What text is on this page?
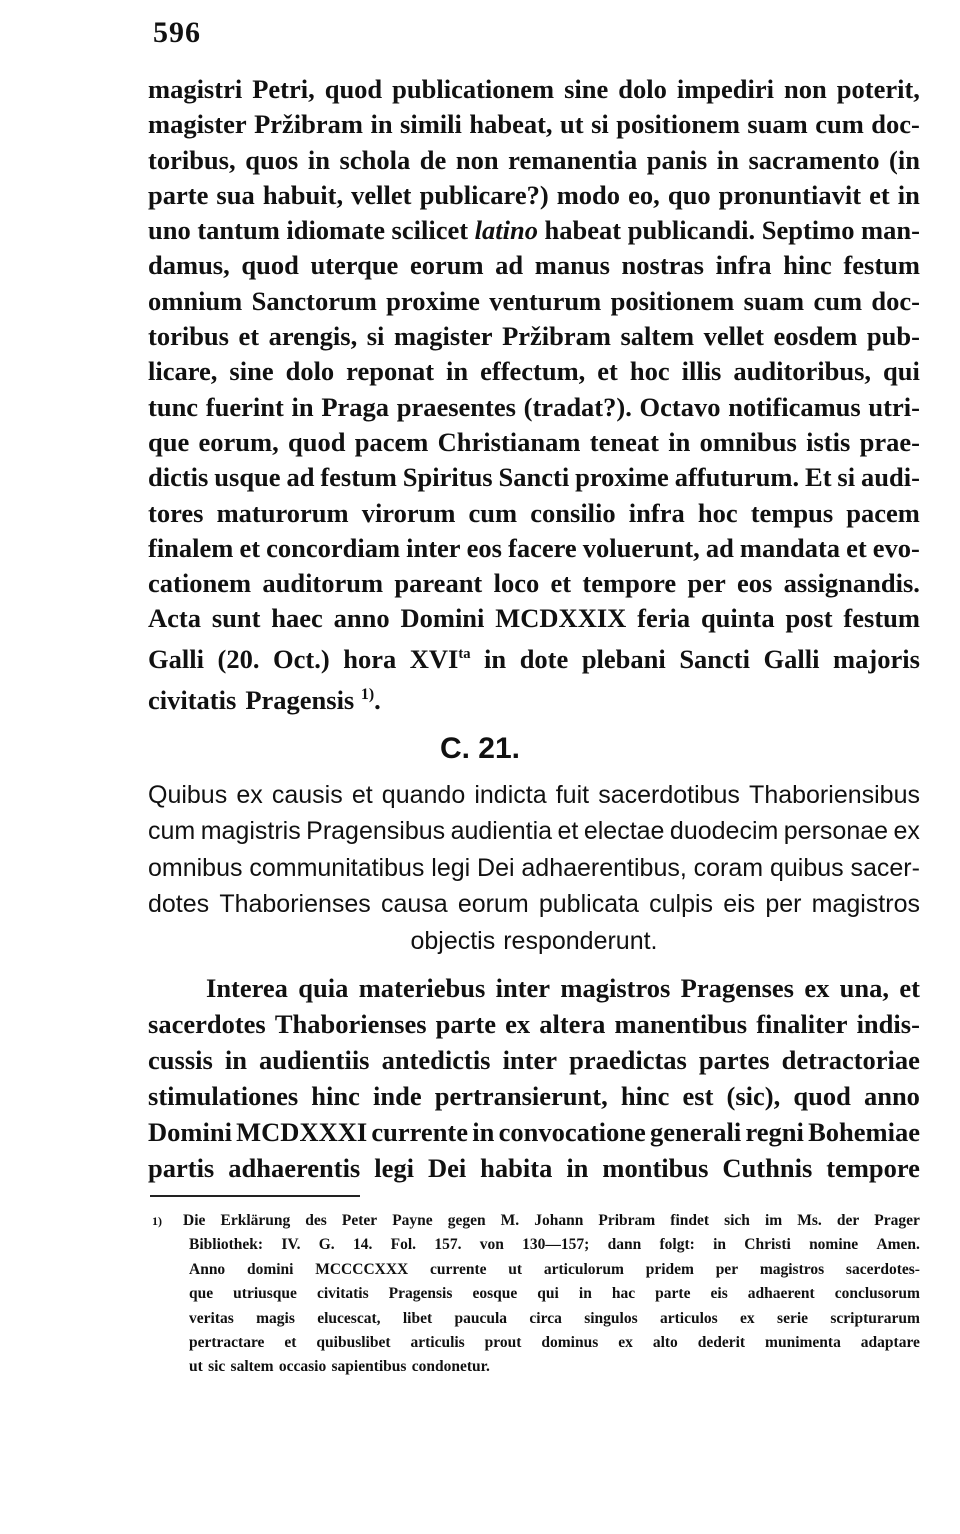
596
magistri Petri, quod publicationem sine dolo impediri non poterit,
magister Pržibram in simili habeat, ut si positionem suam cum doc-
toribus, quos in schola de non remanentia panis in sacramento (in
parte sua habuit, vellet publicare?) modo eo, quo pronuntiavit et in
uno tantum idiomate scilicet latino habeat publicandi. Septimo man-
damus, quod uterque eorum ad manus nostras infra hinc festum
omnium Sanctorum proxime venturum positionem suam cum doc-
toribus et arengis, si magister Pržibram saltem vellet eosdem pub-
licare, sine dolo reponat in effectum, et hoc illis auditoribus, qui
tunc fuerint in Praga praesentes (tradat?). Octavo notificamus utri-
que eorum, quod pacem Christianam teneat in omnibus istis prae-
dictis usque ad festum Spiritus Sancti proxime affuturum. Et si audi-
tores maturorum virorum cum consilio infra hoc tempus pacem
finalem et concordiam inter eos facere voluerunt, ad mandata et evo-
cationem auditorum pareant loco et tempore per eos assignandis.
Acta sunt haec anno Domini MCDXXIX feria quinta post festum
Galli (20. Oct.) hora $XVI^{ta}$ in dote plebani Sancti Galli majoris
civitatis Pragensis $^{1)}$.
C. 21.
Quibus ex causis et quando indicta fuit sacerdotibus Thaboriensibus
cum magistris Pragensibus audientia et electae duodecim personae ex
omnibus communitatibus legi Dei adhaerentibus, coram quibus sacer-
dotes Thaborienses causa eorum publicata culpis eis per magistros
objectis responderunt.
Interea quia materiebus inter magistros Pragenses ex una, et
sacerdotes Thaborienses parte ex altera manentibus finaliter indis-
cussis in audientiis antedictis inter praedictas partes detractoriae
stimulationes hinc inde pertransierunt, hinc est (sic), quod anno
Domini MCDXXXI currente in convocatione generali regni Bohemiae
partis adhaerentis legi Dei habita in montibus Cuthnis tempore
1) Die Erklärung des Peter Payne gegen M. Johann Pribram findet sich im Ms. der Prager
Bibliothek: IV. G. 14. Fol. 157. von 130—157; dann folgt: in Christi nomine Amen.
Anno domini MCCCCXXX currente ut articulorum pridem per magistros sacerdotes-
que utriusque civitatis Pragensis eosque qui in hac parte eis adhaerent conclusorum
veritas magis elucescat, libet paucula circa singulos articulos ex serie scripturarum
pertractare et quibuslibet articulis prout dominus ex alto dederit munimenta adaptare
ut sic saltem occasio sapientibus condonetur.
